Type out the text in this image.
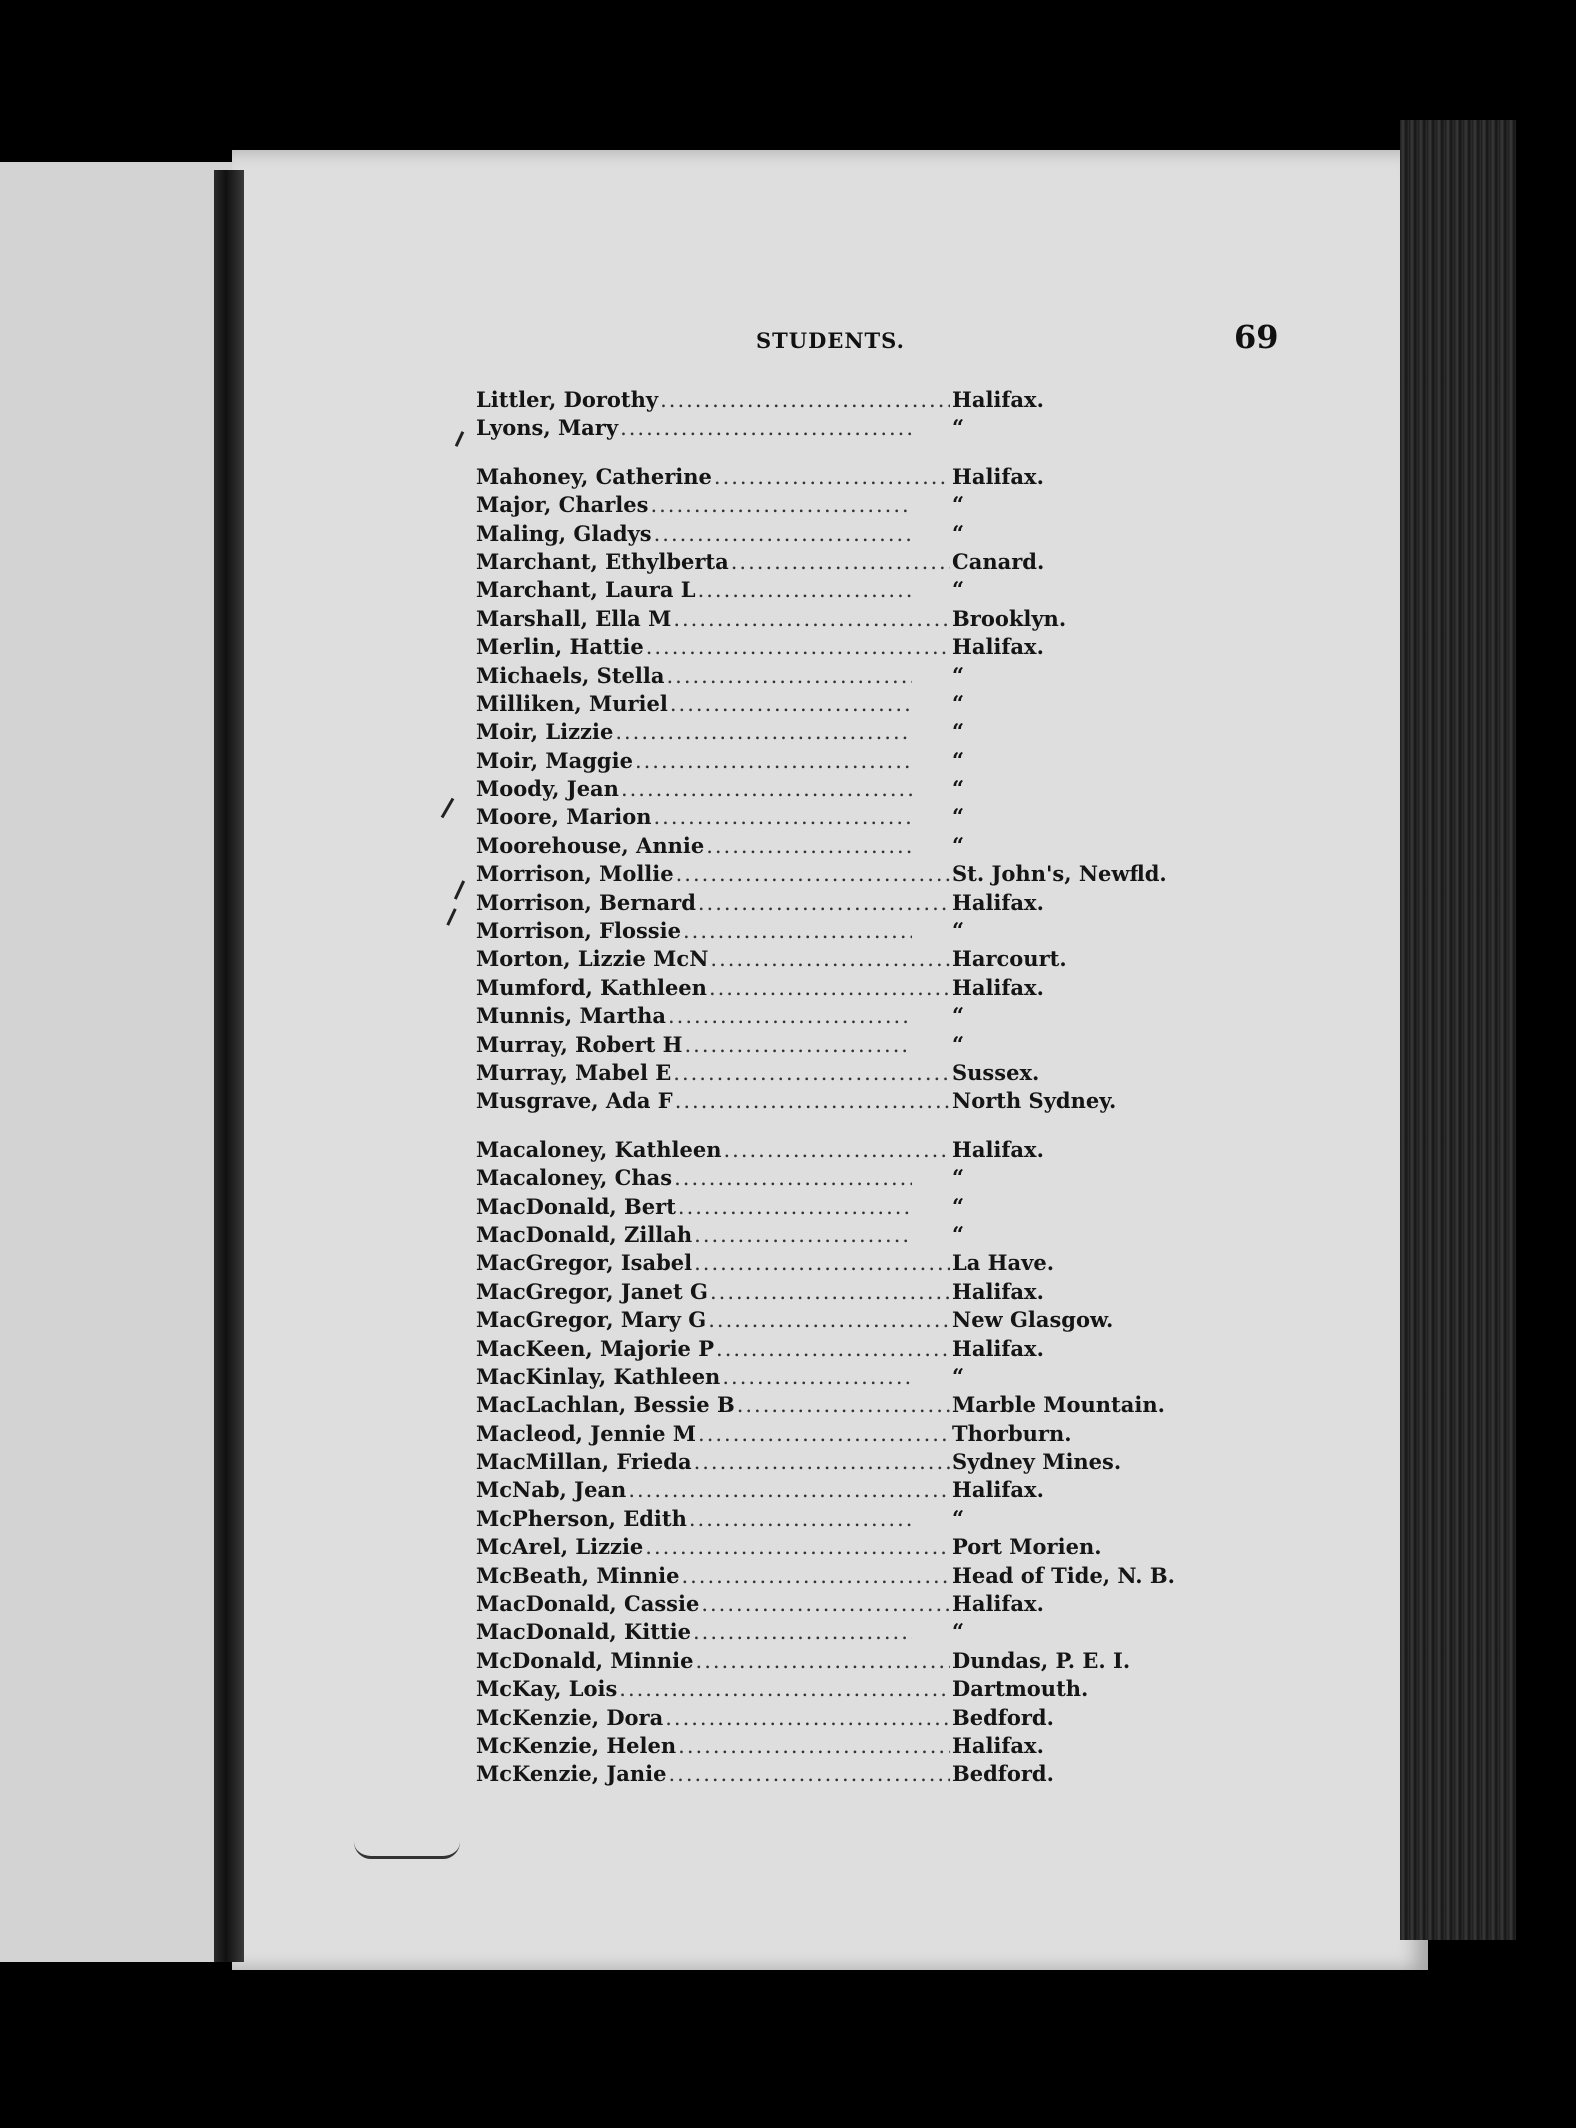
STUDENTS.	69
Littler, Dorothy .....	Halifax.
Lyons, Mary .....	“
Mahoney, Catherine .....	Halifax.
Major, Charles .....	“
Maling, Gladys .....	“
Marchant, Ethylberta .....	Canard.
Marchant, Laura L .....	“
Marshall, Ella M .....	Brooklyn.
Merlin, Hattie .....	Halifax.
Michaels, Stella .....	“
Milliken, Muriel .....	“
Moir, Lizzie .....	“
Moir, Maggie .....	“
Moody, Jean .....	“
Moore, Marion .....	“
Moorehouse, Annie .....	“
Morrison, Mollie .....	St. John's, Newfld.
Morrison, Bernard .....	Halifax.
Morrison, Flossie .....	“
Morton, Lizzie McN .....	Harcourt.
Mumford, Kathleen .....	Halifax.
Munnis, Martha .....	“
Murray, Robert H .....	“
Murray, Mabel E .....	Sussex.
Musgrave, Ada F .....	North Sydney.
Macaloney, Kathleen .....	Halifax.
Macaloney, Chas .....	“
MacDonald, Bert .....	“
MacDonald, Zillah .....	“
MacGregor, Isabel .....	La Have.
MacGregor, Janet G .....	Halifax.
MacGregor, Mary G .....	New Glasgow.
MacKeen, Majorie P .....	Halifax.
MacKinlay, Kathleen .....	“
MacLachlan, Bessie B .....	Marble Mountain.
Macleod, Jennie M .....	Thorburn.
MacMillan, Frieda .....	Sydney Mines.
McNab, Jean .....	Halifax.
McPherson, Edith .....	“
McArel, Lizzie .....	Port Morien.
McBeath, Minnie .....	Head of Tide, N. B.
MacDonald, Cassie .....	Halifax.
MacDonald, Kittie .....	“
McDonald, Minnie .....	Dundas, P. E. I.
McKay, Lois .....	Dartmouth.
McKenzie, Dora .....	Bedford.
McKenzie, Helen .....	Halifax.
McKenzie, Janie .....	Bedford.
